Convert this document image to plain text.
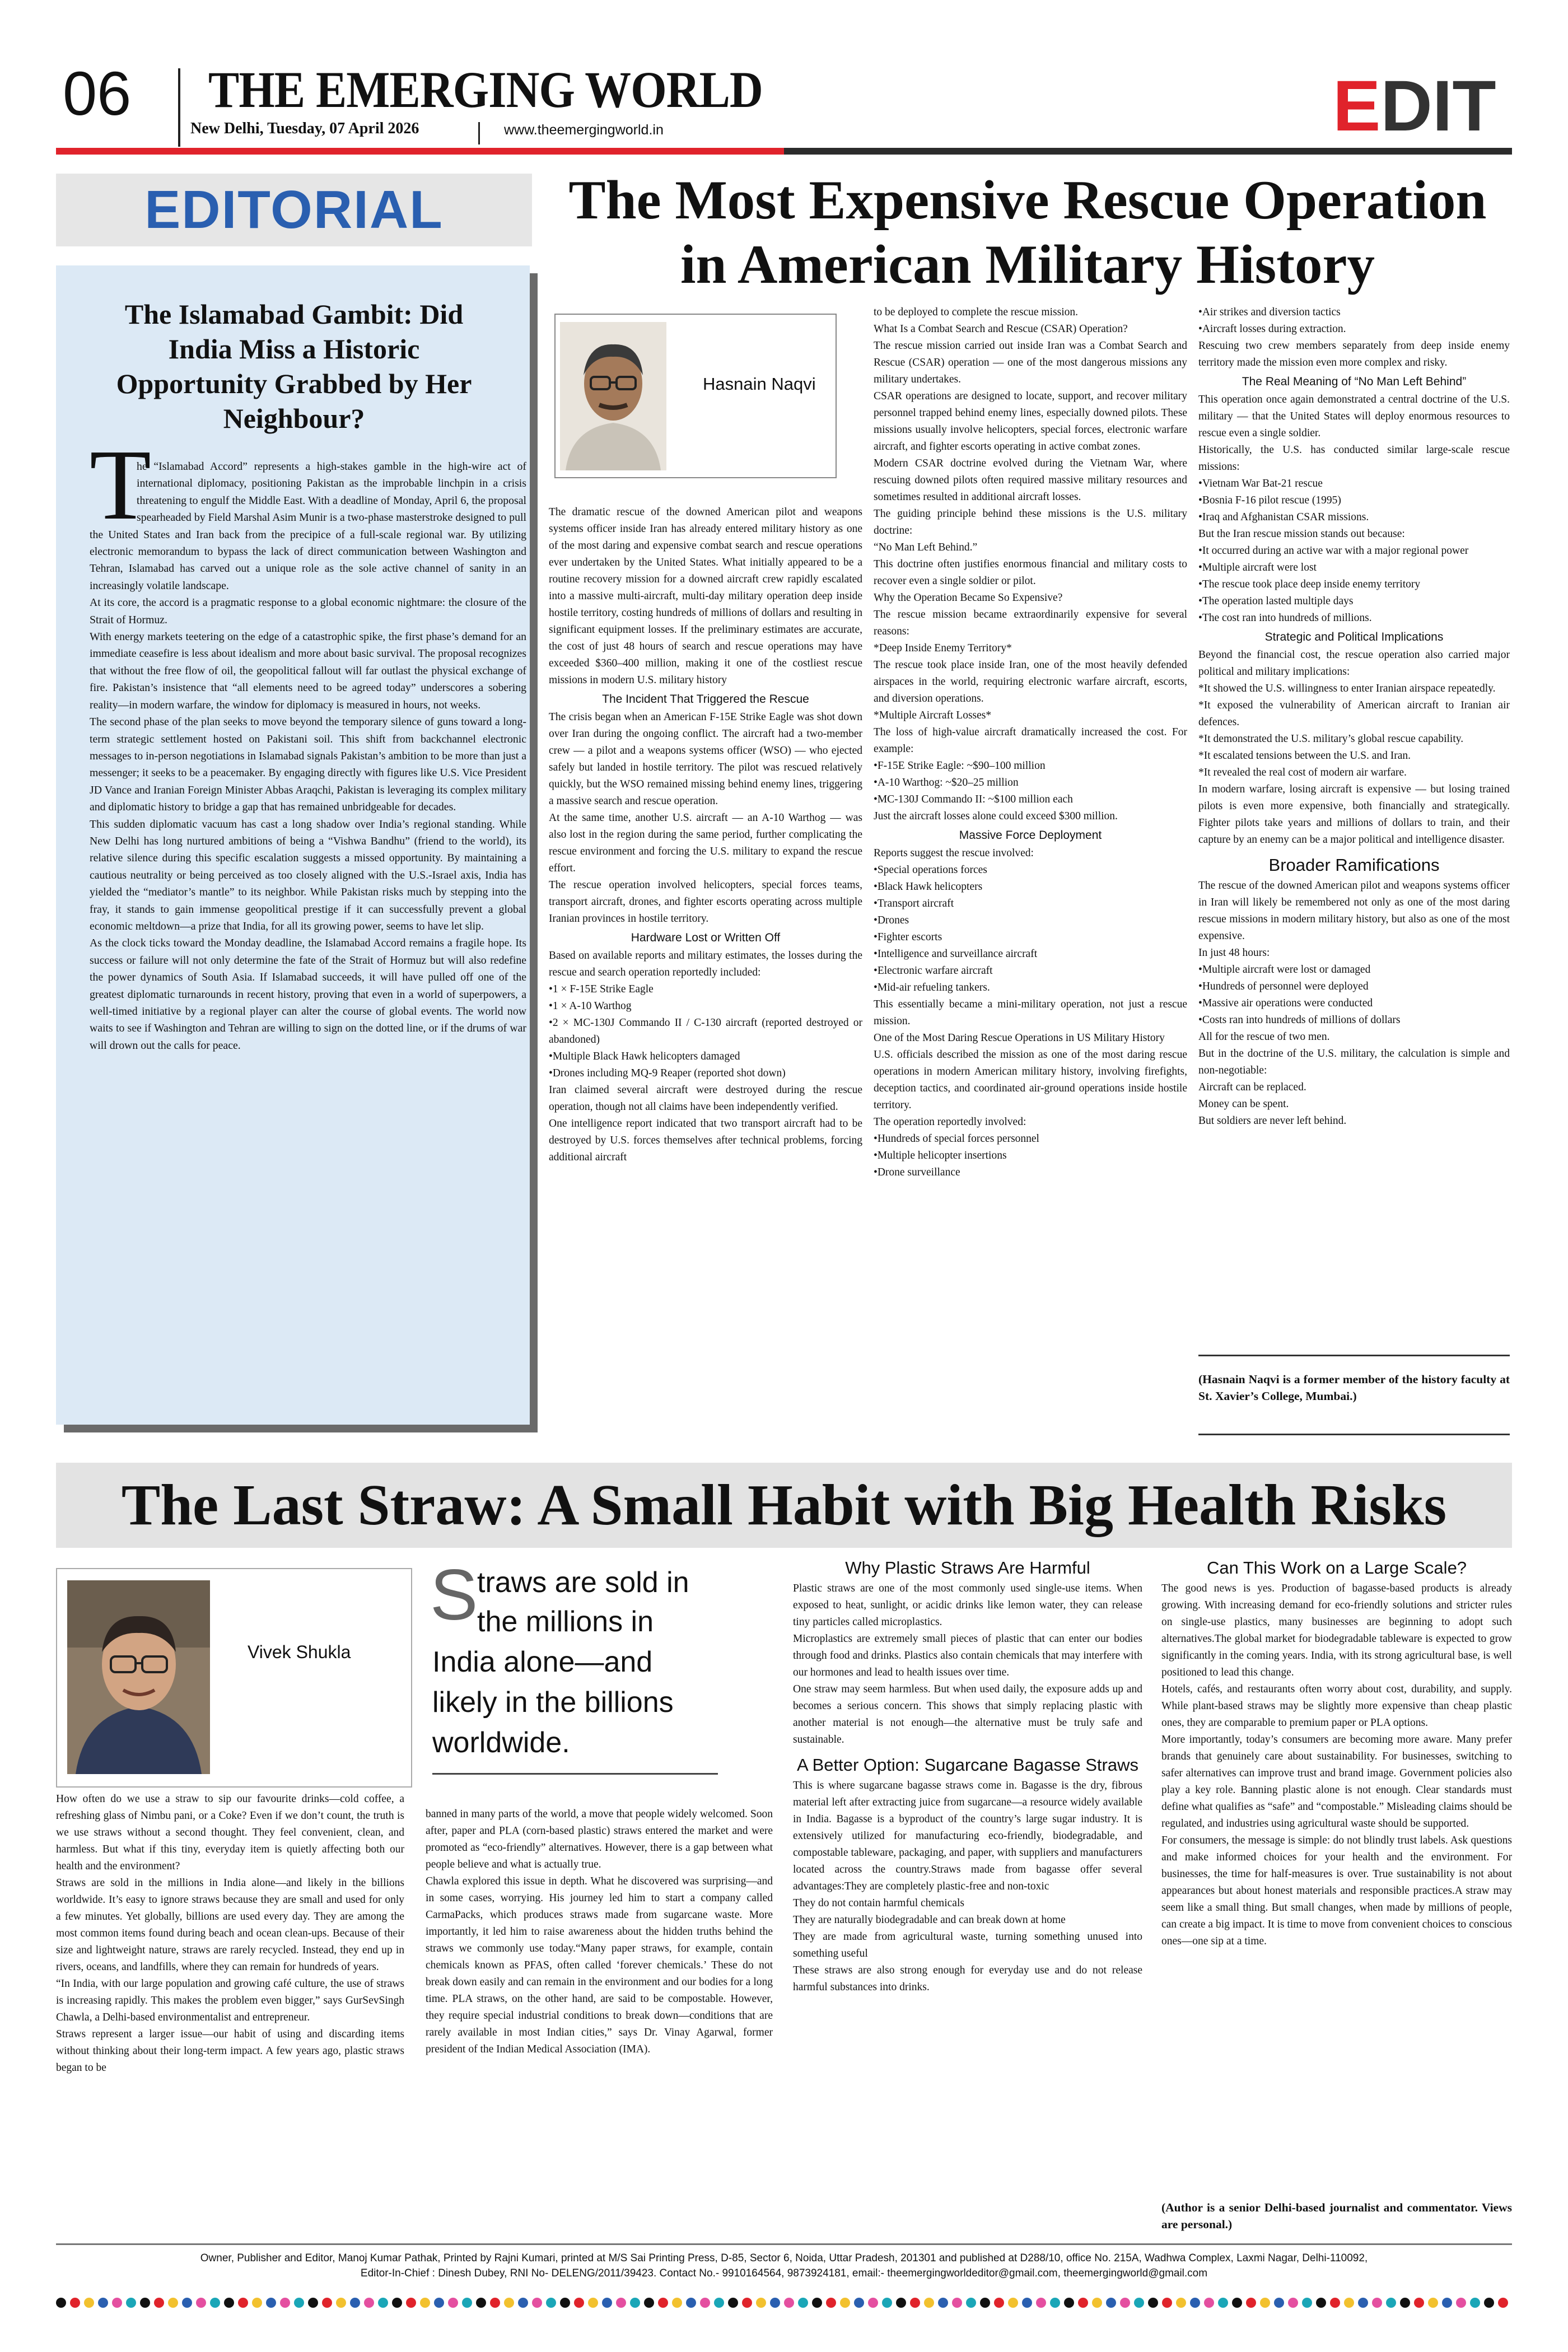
06 THE EMERGING WORLD
New Delhi, Tuesday, 07 April 2026	www.theemergingworld.in	EDIT
EDITORIAL
The Islamabad Gambit: Did India Miss a Historic Opportunity Grabbed by Her Neighbour?
T

he “Islamabad Accord” represents a high-stakes gamble in the high-wire act of international diplomacy, positioning Pakistan as the improbable linchpin in a crisis threatening to engulf the Middle East. With a deadline of Monday, April 6, the proposal spearheaded by Field Marshal Asim Munir is a two-phase masterstroke designed to pull the United States and Iran back from the precipice of a full-scale regional war. By utilizing electronic memorandum to bypass the lack of direct communication between Washington and Tehran, Islamabad has carved out a unique role as the sole active channel of sanity in an increasingly volatile landscape.

At its core, the accord is a pragmatic response to a global economic nightmare: the closure of the Strait of Hormuz.

With energy markets teetering on the edge of a catastrophic spike, the first phase’s demand for an immediate ceasefire is less about idealism and more about basic survival. The proposal recognizes that without the free flow of oil, the geopolitical fallout will far outlast the physical exchange of fire. Pakistan’s insistence that “all elements need to be agreed today” underscores a sobering reality—in modern warfare, the window for diplomacy is measured in hours, not weeks.

The second phase of the plan seeks to move beyond the temporary silence of guns toward a long-term strategic settlement hosted on Pakistani soil. This shift from backchannel electronic messages to in-person negotiations in Islamabad signals Pakistan’s ambition to be more than just a messenger; it seeks to be a peacemaker. By engaging directly with figures like U.S. Vice President JD Vance and Iranian Foreign Minister Abbas Araqchi, Pakistan is leveraging its complex military and diplomatic history to bridge a gap that has remained unbridgeable for decades.

This sudden diplomatic vacuum has cast a long shadow over India’s regional standing. While New Delhi has long nurtured ambitions of being a “Vishwa Bandhu” (friend to the world), its relative silence during this specific escalation suggests a missed opportunity. By maintaining a cautious neutrality or being perceived as too closely aligned with the U.S.-Israel axis, India has yielded the “mediator’s mantle” to its neighbor. While Pakistan risks much by stepping into the fray, it stands to gain immense geopolitical prestige if it can successfully prevent a global economic meltdown—a prize that India, for all its growing power, seems to have let slip.

As the clock ticks toward the Monday deadline, the Islamabad Accord remains a fragile hope. Its success or failure will not only determine the fate of the Strait of Hormuz but will also redefine the power dynamics of South Asia. If Islamabad succeeds, it will have pulled off one of the greatest diplomatic turnarounds in recent history, proving that even in a world of superpowers, a well-timed initiative by a regional player can alter the course of global events. The world now waits to see if Washington and Tehran are willing to sign on the dotted line, or if the drums of war will drown out the calls for peace.

The Most Expensive Rescue Operation
in American Military History
Hasnain Naqvi

The dramatic rescue of the downed American pilot and weapons systems officer inside Iran has already entered military history as one of the most daring and expensive combat search and rescue operations ever undertaken by the United States. What initially appeared to be a routine recovery mission for a downed aircraft crew rapidly escalated into a massive multi-aircraft, multi-day military operation deep inside hostile territory, costing hundreds of millions of dollars and resulting in significant equipment losses. If the preliminary estimates are accurate, the cost of just 48 hours of search and rescue operations may have exceeded $360–400 million, making it one of the costliest rescue missions in modern U.S. military history

The Incident That Triggered the Rescue

The crisis began when an American F-15E Strike Eagle was shot down over Iran during the ongoing conflict. The aircraft had a two-member crew — a pilot and a weapons systems officer (WSO) — who ejected safely but landed in hostile territory. The pilot was rescued relatively quickly, but the WSO remained missing behind enemy lines, triggering a massive search and rescue operation.

At the same time, another U.S. aircraft — an A-10 Warthog — was also lost in the region during the same period, further complicating the rescue environment and forcing the U.S. military to expand the rescue effort.

The rescue operation involved helicopters, special forces teams, transport aircraft, drones, and fighter escorts operating across multiple Iranian provinces in hostile territory.

Hardware Lost or Written Off

Based on available reports and military estimates, the losses during the rescue and search operation reportedly included:

•1 × F-15E Strike Eagle

•1 × A-10 Warthog

•2 × MC-130J Commando II / C-130 aircraft (reported destroyed or abandoned)

•Multiple Black Hawk helicopters damaged

•Drones including MQ-9 Reaper (reported shot down)

Iran claimed several aircraft were destroyed during the rescue operation, though not all claims have been independently verified.

One intelligence report indicated that two transport aircraft had to be destroyed by U.S. forces themselves after technical problems, forcing additional aircraft

to be deployed to complete the rescue mission.

What Is a Combat Search and Rescue (CSAR) Operation?

The rescue mission carried out inside Iran was a Combat Search and Rescue (CSAR) operation — one of the most dangerous missions any military undertakes.

CSAR operations are designed to locate, support, and recover military personnel trapped behind enemy lines, especially downed pilots. These missions usually involve helicopters, special forces, electronic warfare aircraft, and fighter escorts operating in active combat zones.

Modern CSAR doctrine evolved during the Vietnam War, where rescuing downed pilots often required massive military resources and sometimes resulted in additional aircraft losses.

The guiding principle behind these missions is the U.S. military doctrine:

“No Man Left Behind.”

This doctrine often justifies enormous financial and military costs to recover even a single soldier or pilot.

Why the Operation Became So Expensive?

The rescue mission became extraordinarily expensive for several reasons:

*Deep Inside Enemy Territory*

The rescue took place inside Iran, one of the most heavily defended airspaces in the world, requiring electronic warfare aircraft, escorts, and diversion operations.

*Multiple Aircraft Losses*

The loss of high-value aircraft dramatically increased the cost. For example:

•F-15E Strike Eagle: ~$90–100 million

•A-10 Warthog: ~$20–25 million

•MC-130J Commando II: ~$100 million each

Just the aircraft losses alone could exceed $300 million.

Massive Force Deployment

Reports suggest the rescue involved:

•Special operations forces

•Black Hawk helicopters

•Transport aircraft

•Drones

•Fighter escorts

•Intelligence and surveillance aircraft

•Electronic warfare aircraft

•Mid-air refueling tankers.

This essentially became a mini-military operation, not just a rescue mission.

One of the Most Daring Rescue Operations in US Military History

U.S. officials described the mission as one of the most daring rescue operations in modern American military history, involving firefights, deception tactics, and coordinated air-ground operations inside hostile territory.

The operation reportedly involved:

•Hundreds of special forces personnel

•Multiple helicopter insertions

•Drone surveillance

•Air strikes and diversion tactics

•Aircraft losses during extraction.

Rescuing two crew members separately from deep inside enemy territory made the mission even more complex and risky.

The Real Meaning of “No Man Left Behind”

This operation once again demonstrated a central doctrine of the U.S. military — that the United States will deploy enormous resources to rescue even a single soldier.

Historically, the U.S. has conducted similar large-scale rescue missions:

•Vietnam War Bat-21 rescue

•Bosnia F-16 pilot rescue (1995)

•Iraq and Afghanistan CSAR missions.

But the Iran rescue mission stands out because:

•It occurred during an active war with a major regional power

•Multiple aircraft were lost

•The rescue took place deep inside enemy territory

•The operation lasted multiple days

•The cost ran into hundreds of millions.

Strategic and Political Implications

Beyond the financial cost, the rescue operation also carried major political and military implications:

*It showed the U.S. willingness to enter Iranian airspace repeatedly.

*It exposed the vulnerability of American aircraft to Iranian air defences.

*It demonstrated the U.S. military’s global rescue capability.

*It escalated tensions between the U.S. and Iran.

*It revealed the real cost of modern air warfare.

In modern warfare, losing aircraft is expensive — but losing trained pilots is even more expensive, both financially and strategically. Fighter pilots take years and millions of dollars to train, and their capture by an enemy can be a major political and intelligence disaster.

Broader Ramifications

The rescue of the downed American pilot and weapons systems officer in Iran will likely be remembered not only as one of the most daring rescue missions in modern military history, but also as one of the most expensive.

In just 48 hours:

•Multiple aircraft were lost or damaged

•Hundreds of personnel were deployed

•Massive air operations were conducted

•Costs ran into hundreds of millions of dollars

All for the rescue of two men.

But in the doctrine of the U.S. military, the calculation is simple and non-negotiable:

Aircraft can be replaced.

Money can be spent.

But soldiers are never left behind.

(Hasnain Naqvi is a former member of the history faculty at St. Xavier’s College, Mumbai.)
The Last Straw: A Small Habit with Big Health Risks
Vivek Shukla
S
traws are sold in
the millions in
India alone—and
likely in the billions
worldwide.

How often do we use a straw to sip our favourite drinks—cold coffee, a refreshing glass of Nimbu pani, or a Coke? Even if we don’t count, the truth is we use straws without a second thought. They feel convenient, clean, and harmless. But what if this tiny, everyday item is quietly affecting both our health and the environment?

Straws are sold in the millions in India alone—and likely in the billions worldwide. It’s easy to ignore straws because they are small and used for only a few minutes. Yet globally, billions are used every day. They are among the most common items found during beach and ocean clean-ups. Because of their size and lightweight nature, straws are rarely recycled. Instead, they end up in rivers, oceans, and landfills, where they can remain for hundreds of years.

“In India, with our large population and growing café culture, the use of straws is increasing rapidly. This makes the problem even bigger,” says GurSevSingh Chawla, a Delhi-based environmentalist and entrepreneur.

Straws represent a larger issue—our habit of using and discarding items without thinking about their long-term impact. A few years ago, plastic straws began to be

banned in many parts of the world, a move that people widely welcomed. Soon after, paper and PLA (corn-based plastic) straws entered the market and were promoted as “eco-friendly” alternatives. However, there is a gap between what people believe and what is actually true.

Chawla explored this issue in depth. What he discovered was surprising—and in some cases, worrying. His journey led him to start a company called CarmaPacks, which produces straws made from sugarcane waste. More importantly, it led him to raise awareness about the hidden truths behind the straws we commonly use today.“Many paper straws, for example, contain chemicals known as PFAS, often called ‘forever chemicals.’ These do not break down easily and can remain in the environment and our bodies for a long time. PLA straws, on the other hand, are said to be compostable. However, they require special industrial conditions to break down—conditions that are rarely available in most Indian cities,” says Dr. Vinay Agarwal, former president of the Indian Medical Association (IMA).

Why Plastic Straws Are Harmful

Plastic straws are one of the most commonly used single-use items. When exposed to heat, sunlight, or acidic drinks like lemon water, they can release tiny particles called microplastics.

Microplastics are extremely small pieces of plastic that can enter our bodies through food and drinks. Plastics also contain chemicals that may interfere with our hormones and lead to health issues over time.

One straw may seem harmless. But when used daily, the exposure adds up and becomes a serious concern. This shows that simply replacing plastic with another material is not enough—the alternative must be truly safe and sustainable.

A Better Option: Sugarcane Bagasse Straws

This is where sugarcane bagasse straws come in. Bagasse is the dry, fibrous material left after extracting juice from sugarcane—a resource widely available in India. Bagasse is a byproduct of the country’s large sugar industry. It is extensively utilized for manufacturing eco-friendly, biodegradable, and compostable tableware, packaging, and paper, with suppliers and manufacturers located across the country.Straws made from bagasse offer several advantages:They are completely plastic-free and non-toxic

They do not contain harmful chemicals

They are naturally biodegradable and can break down at home

They are made from agricultural waste, turning something unused into something useful

These straws are also strong enough for everyday use and do not release harmful substances into drinks.

Can This Work on a Large Scale?

The good news is yes. Production of bagasse-based products is already growing. With increasing demand for eco-friendly solutions and stricter rules on single-use plastics, many businesses are beginning to adopt such alternatives.The global market for biodegradable tableware is expected to grow significantly in the coming years. India, with its strong agricultural base, is well positioned to lead this change.

Hotels, cafés, and restaurants often worry about cost, durability, and supply. While plant-based straws may be slightly more expensive than cheap plastic ones, they are comparable to premium paper or PLA options.

More importantly, today’s consumers are becoming more aware. Many prefer brands that genuinely care about sustainability. For businesses, switching to safer alternatives can improve trust and brand image. Government policies also play a key role. Banning plastic alone is not enough. Clear standards must define what qualifies as “safe” and “compostable.” Misleading claims should be regulated, and industries using agricultural waste should be supported.

For consumers, the message is simple: do not blindly trust labels. Ask questions and make informed choices for your health and the environment. For businesses, the time for half-measures is over. True sustainability is not about appearances but about honest materials and responsible practices.A straw may seem like a small thing. But small changes, when made by millions of people, can create a big impact. It is time to move from convenient choices to conscious ones—one sip at a time.

(Author is a senior Delhi-based journalist and commentator. Views are personal.)
Owner, Publisher and Editor, Manoj Kumar Pathak, Printed by Rajni Kumari, printed at M/S Sai Printing Press, D-85, Sector 6, Noida, Uttar Pradesh, 201301 and published at D288/10, office No. 215A, Wadhwa Complex, Laxmi Nagar, Delhi-110092,
Editor-In-Chief : Dinesh Dubey, RNI No- DELENG/2011/39423. Contact No.- 9910164564, 9873924181, email:- theemergingworldeditor@gmail.com, theemergingworld@gmail.com
